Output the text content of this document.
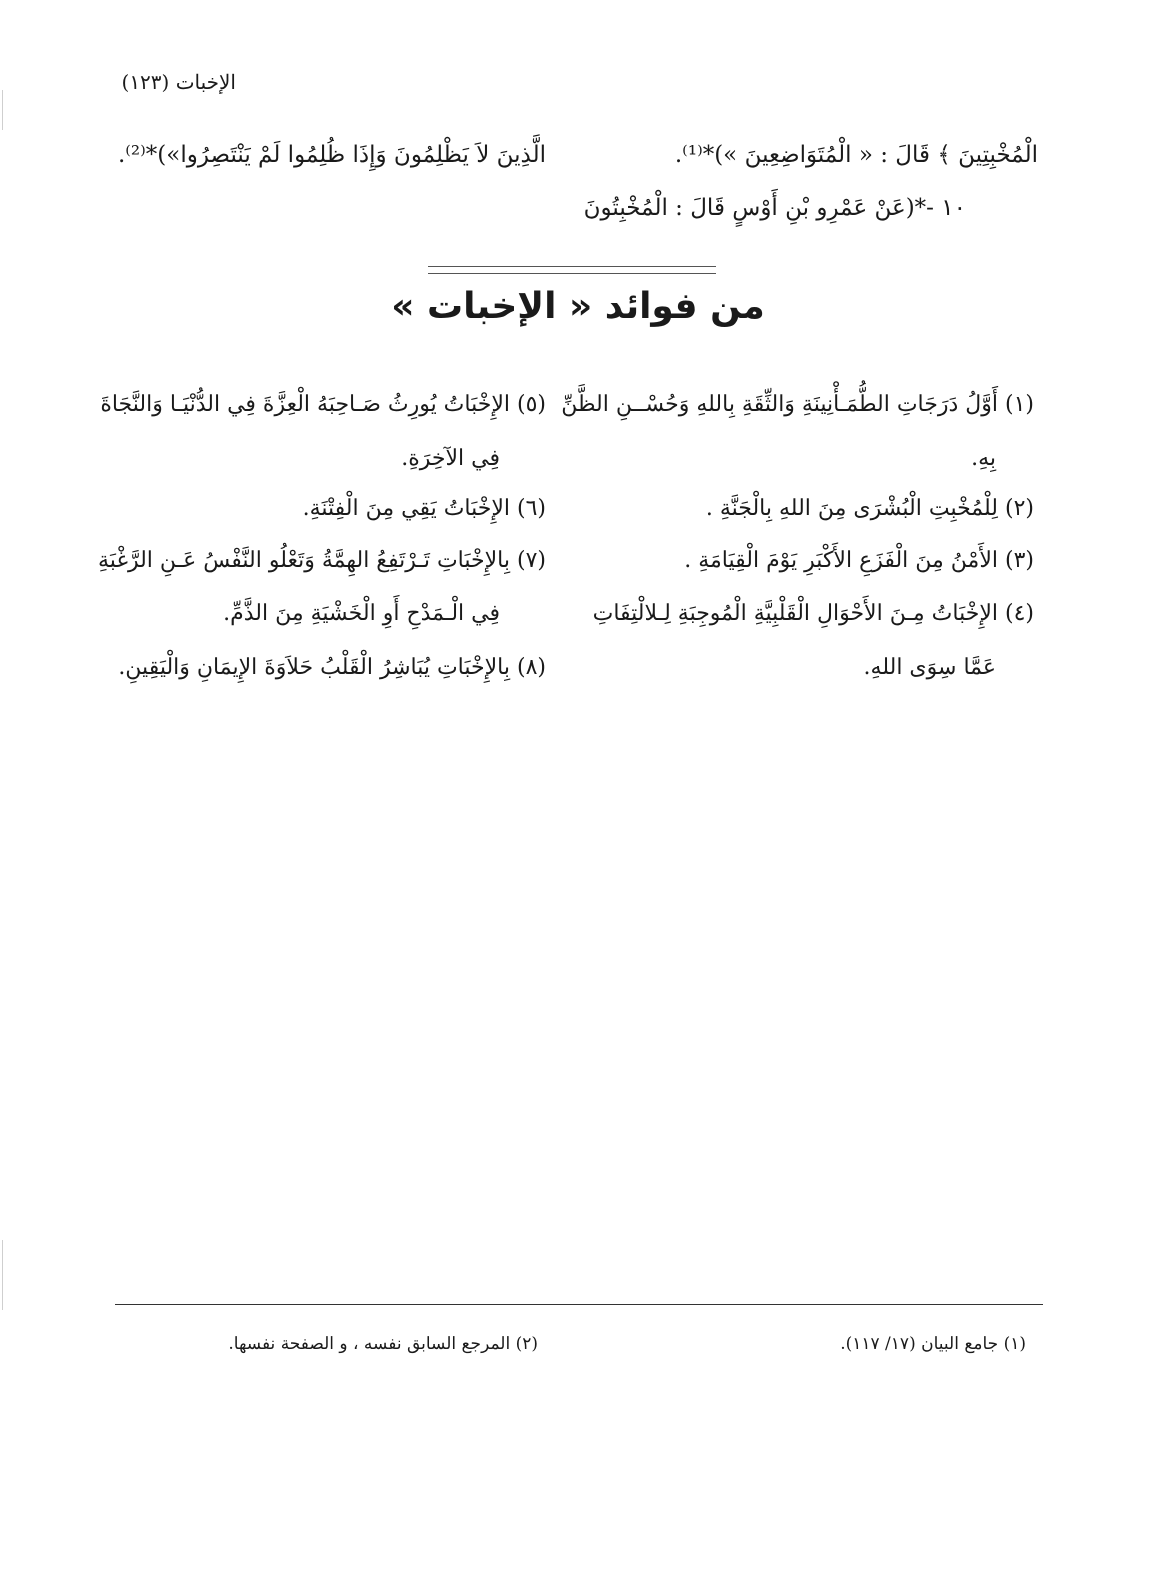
الإخبات (١٢٣)
الْمُخْبِتِينَ ﴾ قَالَ : « الْمُتَوَاضِعِينَ »)*⁽¹⁾.
الَّذِينَ لاَ يَظْلِمُونَ وَإِذَا ظُلِمُوا لَمْ يَنْتَصِرُوا»)*⁽²⁾.
١٠ -*(عَنْ عَمْرِو بْنِ أَوْسٍ قَالَ : الْمُخْبِتُونَ
من فوائد « الإخبات »
(١) أَوَّلُ دَرَجَاتِ الطُّمَـأْنِينَةِ وَالثِّقَةِ بِاللهِ وَحُسْــنِ الظَّنِّ
بِهِ.
(٢) لِلْمُخْبِتِ الْبُشْرَى مِنَ اللهِ بِالْجَنَّةِ .
(٣) الأَمْنُ مِنَ الْفَزَعِ الأَكْبَرِ يَوْمَ الْقِيَامَةِ .
(٤) الإِخْبَاتُ مِـنَ الأَحْوَالِ الْقَلْبِيَّةِ الْمُوجِبَةِ لِـلالْتِفَاتِ
عَمَّا سِوَى اللهِ.
(٥) الإِخْبَاتُ يُورِثُ صَـاحِبَهُ الْعِزَّةَ فِي الدُّنْيَـا وَالنَّجَاةَ
فِي الآخِرَةِ.
(٦) الإِخْبَاتُ يَقِي مِنَ الْفِتْنَةِ.
(٧) بِالإِخْبَاتِ تَـرْتَفِعُ الهِمَّةُ وَتَعْلُو النَّفْسُ عَـنِ الرَّغْبَةِ
فِي الْـمَدْحِ أَوِ الْخَشْيَةِ مِنَ الذَّمِّ.
(٨) بِالإِخْبَاتِ يُبَاشِرُ الْقَلْبُ حَلاَوَةَ الإِيمَانِ وَالْيَقِينِ.
(١) جامع البيان (١٧/ ١١٧).
(٢) المرجع السابق نفسه ، و الصفحة نفسها.
